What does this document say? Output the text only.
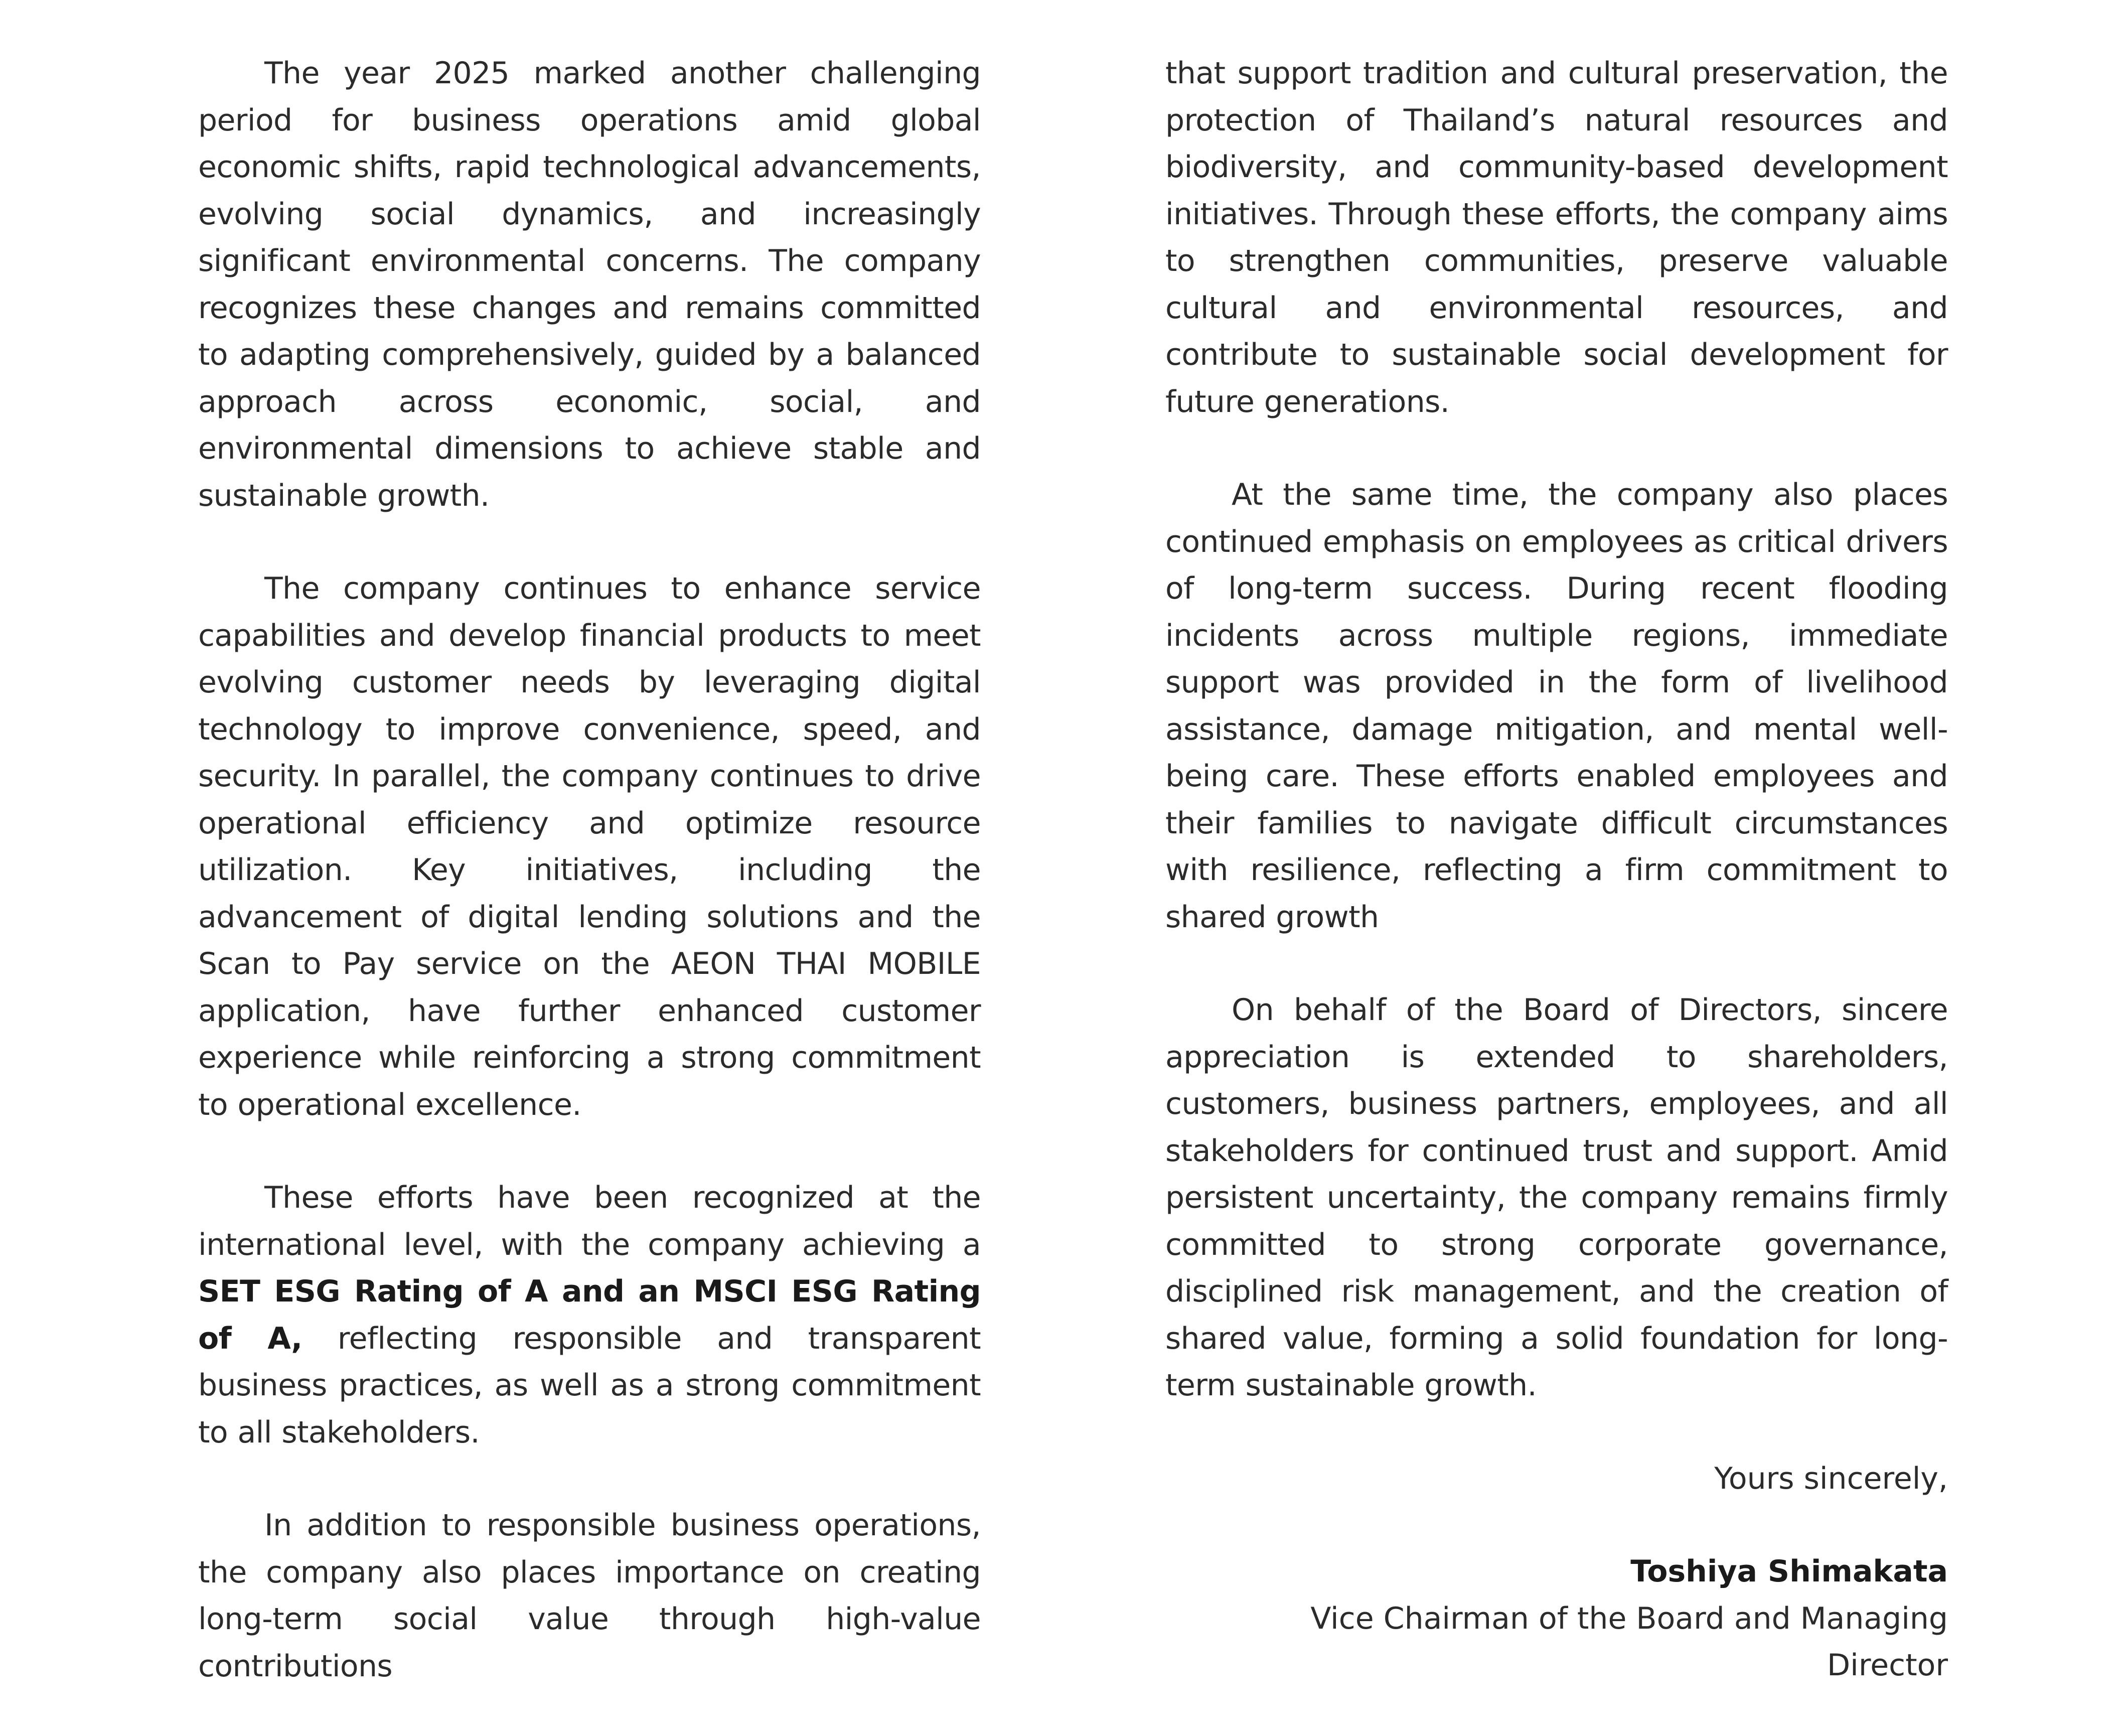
The year 2025 marked another challenging period for business operations amid global economic shifts, rapid technological advancements, evolving social dynamics, and increasingly significant environmental concerns. The company recognizes these changes and remains committed to adapting comprehensively, guided by a balanced approach across economic, social, and environmental dimensions to achieve stable and sustainable growth.

The company continues to enhance service capabilities and develop financial products to meet evolving customer needs by leveraging digital technology to improve convenience, speed, and security. In parallel, the company continues to drive operational efficiency and optimize resource utilization. Key initiatives, including the advancement of digital lending solutions and the Scan to Pay service on the AEON THAI MOBILE application, have further enhanced customer experience while reinforcing a strong commitment to operational excellence.

These efforts have been recognized at the international level, with the company achieving a SET ESG Rating of A and an MSCI ESG Rating of A, reflecting responsible and transparent business practices, as well as a strong commitment to all stakeholders.

In addition to responsible business operations, the company also places importance on creating long-term social value through high-value contributions

that support tradition and cultural preservation, the protection of Thailand’s natural resources and biodiversity, and community-based development initiatives. Through these efforts, the company aims to strengthen communities, preserve valuable cultural and environmental resources, and contribute to sustainable social development for future generations.

At the same time, the company also places continued emphasis on employees as critical drivers of long-term success. During recent flooding incidents across multiple regions, immediate support was provided in the form of livelihood assistance, damage mitigation, and mental well-being care. These efforts enabled employees and their families to navigate difficult circumstances with resilience, reflecting a firm commitment to shared growth

On behalf of the Board of Directors, sincere appreciation is extended to shareholders, customers, business partners, employees, and all stakeholders for continued trust and support. Amid persistent uncertainty, the company remains firmly committed to strong corporate governance, disciplined risk management, and the creation of shared value, forming a solid foundation for long-term sustainable growth.

Yours sincerely,

Toshiya Shimakata
Vice Chairman of the Board and Managing
Director
